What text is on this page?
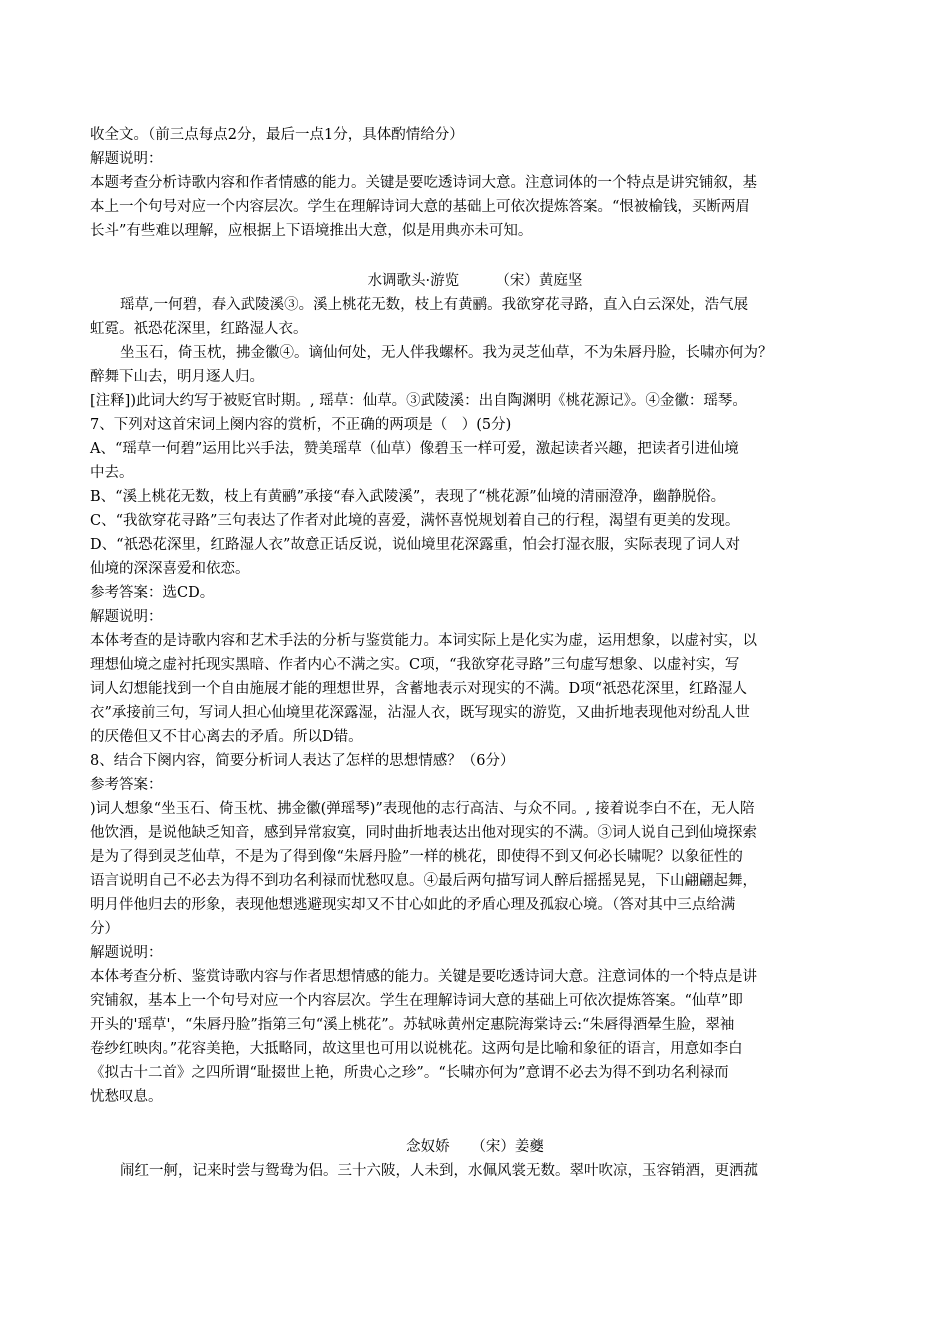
收全文。（前三点每点2分，最后一点1分，具体酌情给分）
解题说明：
本题考查分析诗歌内容和作者情感的能力。关键是要吃透诗词大意。注意词体的一个特点是讲究铺叙，基
本上一个句号对应一个内容层次。学生在理解诗词大意的基础上可依次提炼答案。“恨被榆钱，买断两眉
长斗”有些难以理解，应根据上下语境推出大意，似是用典亦未可知。
水调歌头·游览　　　（宋）黄庭坚
瑶草,一何碧，春入武陵溪③。溪上桃花无数，枝上有黄鹂。我欲穿花寻路，直入白云深处，浩气展
虹霓。祇恐花深里，红路湿人衣。
坐玉石，倚玉枕，拂金徽④。谪仙何处，无人伴我螺杯。我为灵芝仙草，不为朱唇丹脸，长啸亦何为？
醉舞下山去，明月逐人归。
[注释])此词大约写于被贬官时期。, 瑶草：仙草。③武陵溪：出自陶渊明《桃花源记》。④金徽：瑶琴。
7、下列对这首宋词上阕内容的赏析，不正确的两项是（　）(5分)
A、“瑶草一何碧”运用比兴手法，赞美瑶草（仙草）像碧玉一样可爱，激起读者兴趣，把读者引进仙境
中去。
B、“溪上桃花无数，枝上有黄鹂”承接“春入武陵溪”，表现了“桃花源”仙境的清丽澄净，幽静脱俗。
C、“我欲穿花寻路”三句表达了作者对此境的喜爱，满怀喜悦规划着自己的行程，渴望有更美的发现。
D、“祇恐花深里，红路湿人衣”故意正话反说，说仙境里花深露重，怕会打湿衣服，实际表现了词人对
仙境的深深喜爱和依恋。
参考答案：选CD。
解题说明：
本体考查的是诗歌内容和艺术手法的分析与鉴赏能力。本词实际上是化实为虚，运用想象，以虚衬实，以
理想仙境之虚衬托现实黑暗、作者内心不满之实。C项，“我欲穿花寻路”三句虚写想象、以虚衬实，写
词人幻想能找到一个自由施展才能的理想世界，含蓄地表示对现实的不满。D项“祇恐花深里，红路湿人
衣”承接前三句，写词人担心仙境里花深露湿，沾湿人衣，既写现实的游览，又曲折地表现他对纷乱人世
的厌倦但又不甘心离去的矛盾。所以D错。
8、结合下阕内容，简要分析词人表达了怎样的思想情感？（6分）
参考答案：
)词人想象“坐玉石、倚玉枕、拂金徽(弹瑶琴)”表现他的志行高洁、与众不同。, 接着说李白不在，无人陪
他饮酒，是说他缺乏知音，感到异常寂寞，同时曲折地表达出他对现实的不满。③词人说自己到仙境探索
是为了得到灵芝仙草，不是为了得到像“朱唇丹脸”一样的桃花，即使得不到又何必长啸呢？以象征性的
语言说明自己不必去为得不到功名利禄而忧愁叹息。④最后两句描写词人醉后摇摇晃晃，下山翩翩起舞，
明月伴他归去的形象，表现他想逃避现实却又不甘心如此的矛盾心理及孤寂心境。（答对其中三点给满
分）
解题说明：
本体考查分析、鉴赏诗歌内容与作者思想情感的能力。关键是要吃透诗词大意。注意词体的一个特点是讲
究铺叙，基本上一个句号对应一个内容层次。学生在理解诗词大意的基础上可依次提炼答案。“仙草”即
开头的'瑶草'，“朱唇丹脸”指第三句“溪上桃花”。苏轼咏黄州定惠院海棠诗云:“朱唇得酒晕生脸，翠袖
卷纱红映肉。”花容美艳，大抵略同，故这里也可用以说桃花。这两句是比喻和象征的语言，用意如李白
《拟古十二首》之四所谓“耻掇世上艳，所贵心之珍”。“长啸亦何为”意谓不必去为得不到功名利禄而
忧愁叹息。
念奴娇　　（宋）姜夔
闹红一舸，记来时尝与鸳鸯为侣。三十六陂，人未到，水佩风裳无数。翠叶吹凉，玉容销酒，更洒菰
